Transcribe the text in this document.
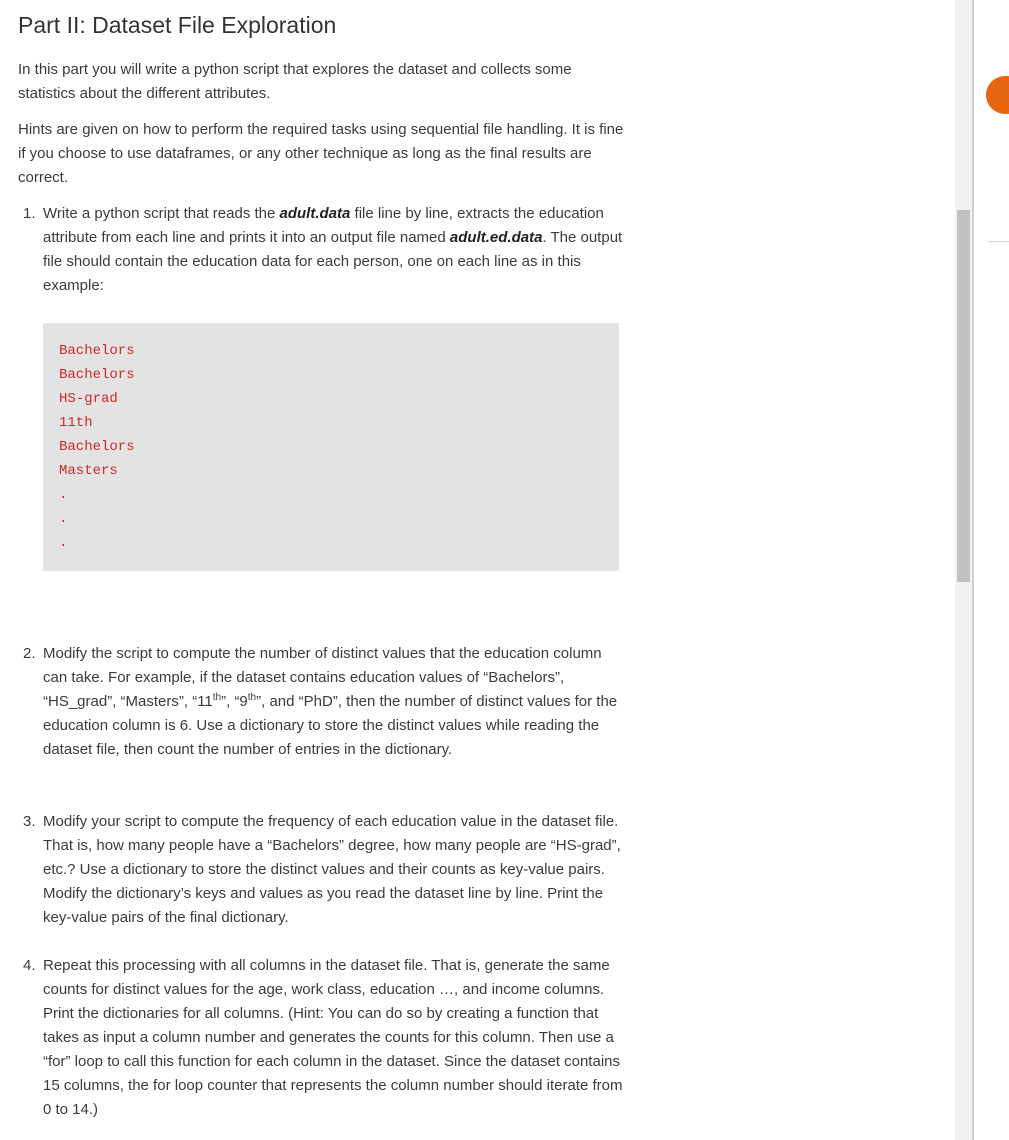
Part II: Dataset File Exploration

In this part you will write a python script that explores the dataset and collects some statistics about the different attributes.

Hints are given on how to perform the required tasks using sequential file handling. It is fine if you choose to use dataframes, or any other technique as long as the final results are correct.

1. Write a python script that reads the adult.data file line by line, extracts the education attribute from each line and prints it into an output file named adult.ed.data. The output file should contain the education data for each person, one on each line as in this example:
Bachelors
Bachelors
HS-grad
11th
Bachelors
Masters
.
.
.
2. Modify the script to compute the number of distinct values that the education column can take. For example, if the dataset contains education values of “Bachelors”, “HS_grad”, “Masters”, “11th”, “9th”, and “PhD”, then the number of distinct values for the education column is 6. Use a dictionary to store the distinct values while reading the dataset file, then count the number of entries in the dictionary.
3. Modify your script to compute the frequency of each education value in the dataset file. That is, how many people have a “Bachelors” degree, how many people are “HS-grad”, etc.? Use a dictionary to store the distinct values and their counts as key-value pairs. Modify the dictionary’s keys and values as you read the dataset line by line. Print the key-value pairs of the final dictionary.
4. Repeat this processing with all columns in the dataset file. That is, generate the same counts for distinct values for the age, work class, education …, and income columns. Print the dictionaries for all columns. (Hint: You can do so by creating a function that takes as input a column number and generates the counts for this column. Then use a “for” loop to call this function for each column in the dataset. Since the dataset contains 15 columns, the for loop counter that represents the column number should iterate from 0 to 14.)
